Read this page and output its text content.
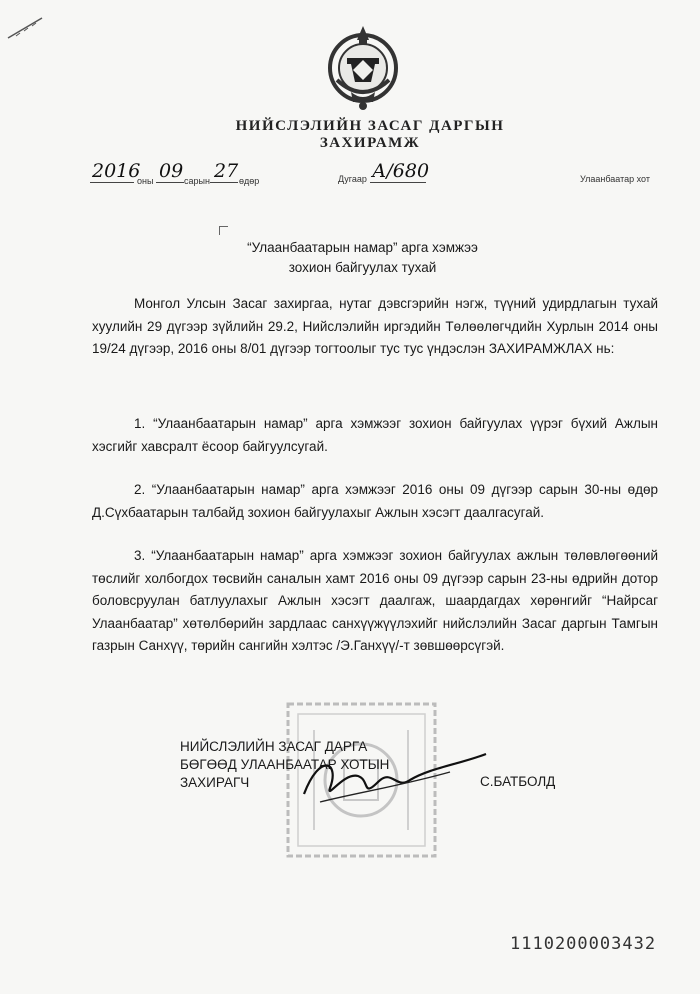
НИЙСЛЭЛИЙН ЗАСАГ ДАРГЫН
ЗАХИРАМЖ
2016
оны 09 сарын 27 өдөр	Дугаар А/680	Улаанбаатар хот
“Улаанбаатарын намар” арга хэмжээ
зохион байгуулах тухай

Монгол Улсын Засаг захиргаа, нутаг дэвсгэрийн нэгж, түүний удирдлагын тухай хуулийн 29 дүгээр зүйлийн 29.2, Нийслэлийн иргэдийн Төлөөлөгчдийн Хурлын 2014 оны 19/24 дүгээр, 2016 оны 8/01 дүгээр тогтоолыг тус тус үндэслэн ЗАХИРАМЖЛАХ нь:

1. “Улаанбаатарын намар” арга хэмжээг зохион байгуулах үүрэг бүхий Ажлын хэсгийг хавсралт ёсоор байгуулсугай.

2. “Улаанбаатарын намар” арга хэмжээг 2016 оны 09 дүгээр сарын 30-ны өдөр Д.Сүхбаатарын талбайд зохион байгуулахыг Ажлын хэсэгт даалгасугай.

3. “Улаанбаатарын намар” арга хэмжээг зохион байгуулах ажлын төлөвлөгөөний төслийг холбогдох төсвийн саналын хамт 2016 оны 09 дүгээр сарын 23-ны өдрийн дотор боловсруулан батлуулахыг Ажлын хэсэгт даалгаж, шаардагдах хөрөнгийг “Найрсаг Улаанбаатар” хөтөлбөрийн зардлаас санхүүжүүлэхийг нийслэлийн Засаг даргын Тамгын газрын Санхүү, төрийн сангийн хэлтэс /Э.Ганхүү/-т зөвшөөрсүгэй.

НИЙСЛЭЛИЙН ЗАСАГ ДАРГА
БӨГӨӨД УЛААНБААТАР ХОТЫН
ЗАХИРАГЧ	С.БАТБОЛД
1110200003432
